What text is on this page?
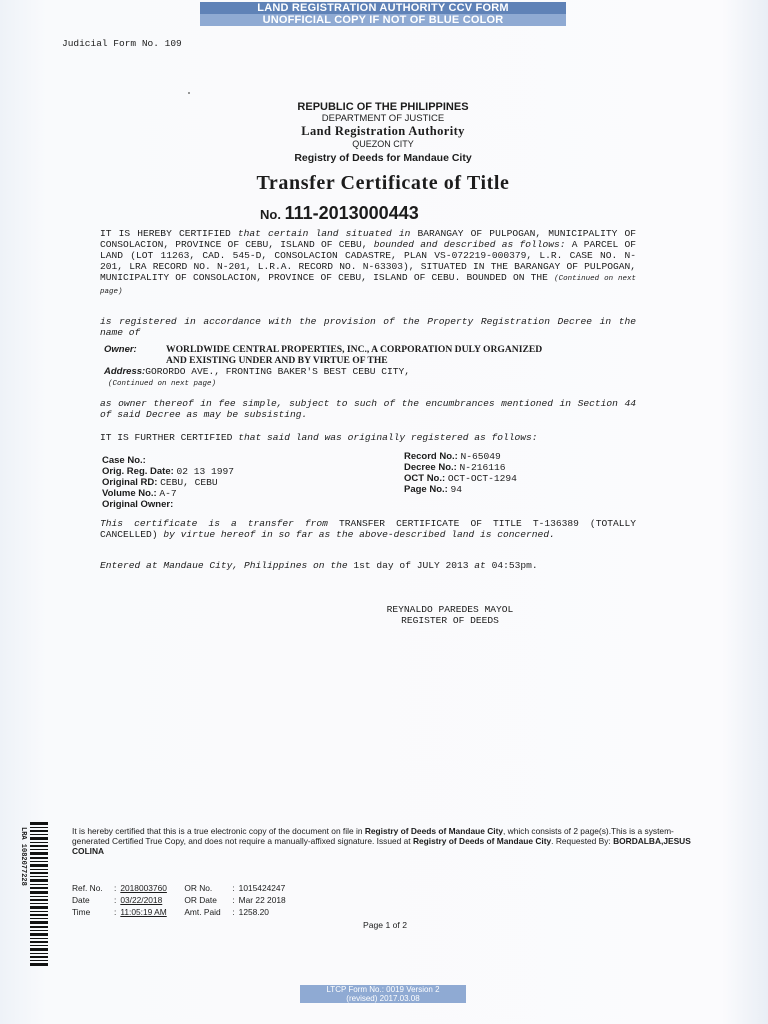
LAND REGISTRATION AUTHORITY CCV FORM
UNOFFICIAL COPY IF NOT OF BLUE COLOR
Judicial Form No. 109
REPUBLIC OF THE PHILIPPINES
DEPARTMENT OF JUSTICE
Land Registration Authority
QUEZON CITY
Registry of Deeds for Mandaue City
Transfer Certificate of Title
No. 111-2013000443
IT IS HEREBY CERTIFIED that certain land situated in BARANGAY OF PULPOGAN, MUNICIPALITY OF CONSOLACION, PROVINCE OF CEBU, ISLAND OF CEBU, bounded and described as follows: A PARCEL OF LAND (LOT 11263, CAD. 545-D, CONSOLACION CADASTRE, PLAN VS-072219-000379, L.R. CASE NO. N-201, LRA RECORD NO. N-201, L.R.A. RECORD NO. N-63303), SITUATED IN THE BARANGAY OF PULPOGAN, MUNICIPALITY OF CONSOLACION, PROVINCE OF CEBU, ISLAND OF CEBU. BOUNDED ON THE (Continued on next page)
is registered in accordance with the provision of the Property Registration Decree in the name of
Owner:	WORLDWIDE CENTRAL PROPERTIES, INC., A CORPORATION DULY ORGANIZED AND EXISTING UNDER AND BY VIRTUE OF THE
Address:GORORDO AVE., FRONTING BAKER'S BEST CEBU CITY,
(Continued on next page)
as owner thereof in fee simple, subject to such of the encumbrances mentioned in Section 44 of said Decree as may be subsisting.
IT IS FURTHER CERTIFIED that said land was originally registered as follows:
Case No.:
Orig. Reg. Date: 02 13 1997
Original RD: CEBU, CEBU
Volume No.: A-7
Original Owner:
Record No.: N-65049
Decree No.: N-216116
OCT No.: OCT-OCT-1294
Page No.: 94
This certificate is a transfer from TRANSFER CERTIFICATE OF TITLE T-136389 (TOTALLY CANCELLED) by virtue hereof in so far as the above-described land is concerned.
Entered at Mandaue City, Philippines on the 1st day of JULY 2013 at 04:53pm.
REYNALDO PAREDES MAYOL
REGISTER OF DEEDS
LRA 1082077228	It is hereby certified that this is a true electronic copy of the document on file in Registry of Deeds of Mandaue City, which consists of 2 page(s).This is a system-generated Certified True Copy, and does not require a manually-affixed signature. Issued at Registry of Deeds of Mandaue City. Requested By: BORDALBA,JESUS COLINA
Ref. No.	:	2018003760	OR No.	:	1015424247
Date	:	03/22/2018	OR Date	:	Mar 22 2018
Time	:	11:05:19 AM	Amt. Paid	:	1258.20
Page 1 of 2
LTCP Form No.: 0019 Version 2
(revised) 2017.03.08
